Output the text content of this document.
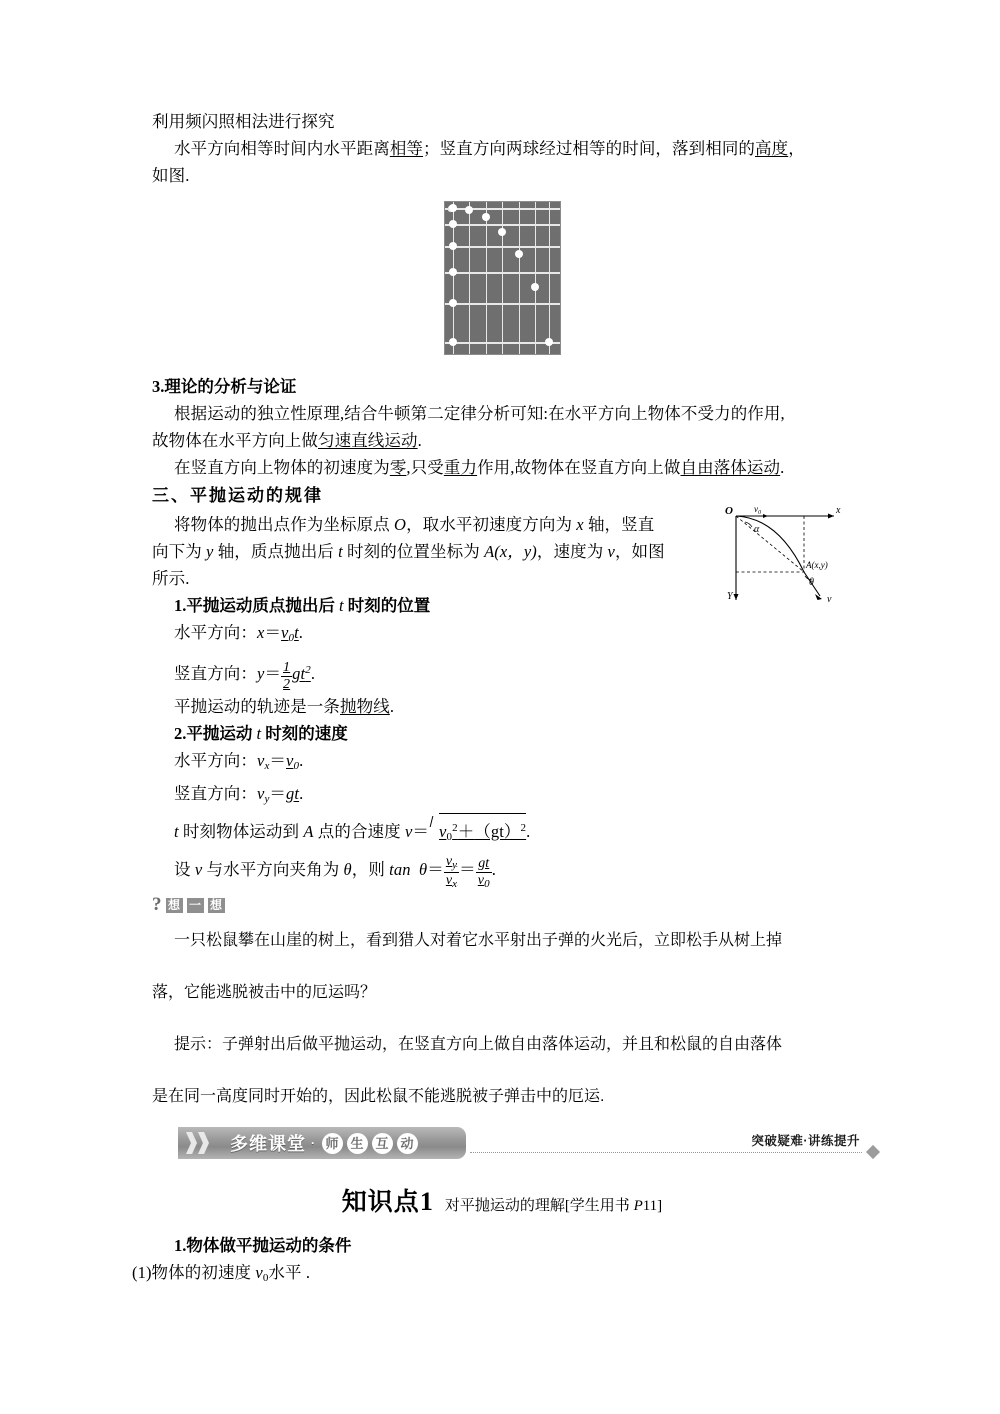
利用频闪照相法进行探究
水平方向相等时间内水平距离相等；竖直方向两球经过相等的时间，落到相同的高度，
如图.
3.理论的分析与论证
根据运动的独立性原理,结合牛顿第二定律分析可知:在水平方向上物体不受力的作用,
故物体在水平方向上做匀速直线运动.
在竖直方向上物体的初速度为零,只受重力作用,故物体在竖直方向上做自由落体运动.
三、平抛运动的规律
将物体的抛出点作为坐标原点 O，取水平初速度方向为 x 轴，竖直
向下为 y 轴，质点抛出后 t 时刻的位置坐标为 A(x，y)，速度为 v，如图
所示.
1.平抛运动质点抛出后 t 时刻的位置
水平方向：$x=v_0t$.
竖直方向：$y= \frac{1}{2} gt^2$.
平抛运动的轨迹是一条抛物线.
2.平抛运动 t 时刻的速度
水平方向：$v_x=v_0$.
竖直方向：$v_y=gt$.
t 时刻物体运动到 A 点的合速度 $v= v_0^2+(gt)^2$.
设 v 与水平方向夹角为 θ，则 $\tan \theta= \frac{v_y}{v_x} = \frac{gt}{v_0}$ .
? 想 一 想
一只松鼠攀在山崖的树上，看到猎人对着它水平射出子弹的火光后，立即松手从树上掉
落，它能逃脱被击中的厄运吗？
提示：子弹射出后做平抛运动，在竖直方向上做自由落体运动，并且和松鼠的自由落体
是在同一高度同时开始的，因此松鼠不能逃脱被子弹击中的厄运.
O	x
Y
$v_0$
α
A(x,y)
θ
v
多维课堂 · 师 生 互 动	突破疑难·讲练提升
知识点 1 对平抛运动的理解[学生用书 P11]
1.物体做平抛运动的条件
(1)物体的初速度 $v_0$水平 .
